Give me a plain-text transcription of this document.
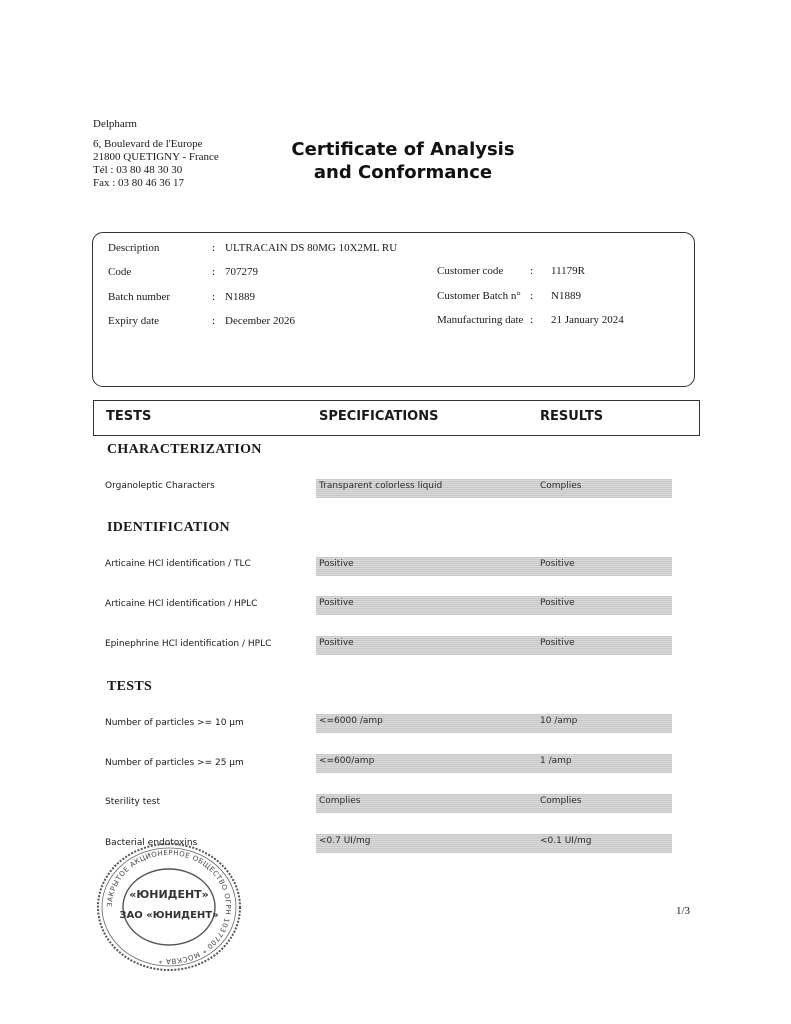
Delpharm
6, Boulevard de l'Europe
21800 QUETIGNY - France
Tél : 03 80 48 30 30
Fax : 03 80 46 36 17
Certificate of Analysis
and Conformance
Description	: ULTRACAIN DS 80MG 10X2ML RU
Code	: 707279
Batch number	: N1889
Expiry date	: December 2026
Customer code : 11179R
Customer Batch n° : N1889
Manufacturing date : 21 January 2024
TESTS	SPECIFICATIONS	RESULTS
CHARACTERIZATION
Organoleptic Characters	Transparent colorless liquid	Complies
IDENTIFICATION
Articaine HCl identification / TLC	Positive	Positive
Articaine HCl identification / HPLC	Positive	Positive
Epinephrine HCl identification / HPLC	Positive	Positive
TESTS
Number of particles >= 10 µm	<=6000 /amp	10 /amp
Number of particles >= 25 µm	<=600/amp	1 /amp
Sterility test	Complies	Complies
Bacterial endotoxins	<0.7 UI/mg	<0.1 UI/mg
ЗАКРЫТОЕ АКЦИОНЕРНОЕ ОБЩЕСТВО ОГРН 1037700 * МОСКВА *
«ЮНИДЕНТ»
ЗАО «ЮНИДЕНТ»	1/3
